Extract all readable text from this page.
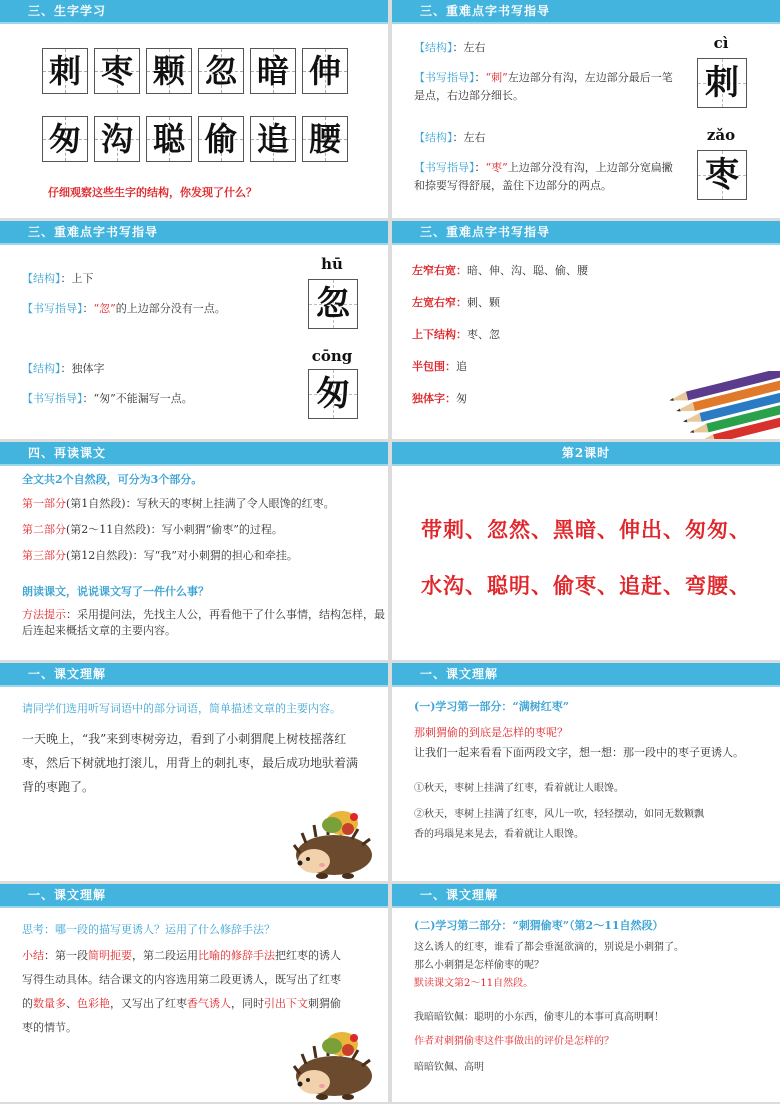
三、生字学习
刺 枣 颗 忽 暗 伸
匆 沟 聪 偷 追 腰
仔细观察这些生字的结构，你发现了什么？
三、重难点字书写指导
【结构】：左右
【书写指导】：“刺”左边部分有沟，左边部分最后一笔
是点，右边部分细长。
cì
刺
【结构】：左右
【书写指导】：“枣”上边部分没有沟，上边部分宽扁撇
和捺要写得舒展，盖住下边部分的两点。
zǎo
枣
三、重难点字书写指导
【结构】：上下
【书写指导】：“忽”的上边部分没有一点。
hū
忽
【结构】：独体字
【书写指导】：“匆”不能漏写一点。
cōng
匆
三、重难点字书写指导
左窄右宽：暗、伸、沟、聪、偷、腰
左宽右窄：刺、颗
上下结构：枣、忽
半包围：追
独体字：匆
四、再读课文
全文共2个自然段，可分为3个部分。
第一部分(第1自然段)：写秋天的枣树上挂满了令人眼馋的红枣。
第二部分(第2～11自然段)：写小刺猬“偷枣”的过程。
第三部分(第12自然段)：写“我”对小刺猬的担心和牵挂。
朗读课文，说说课文写了一件什么事？
方法提示：采用提问法，先找主人公，再看他干了什么事情，结构怎样，最
后连起来概括文章的主要内容。
第2课时
带刺、忽然、黑暗、伸出、匆匆、
水沟、聪明、偷枣、追赶、弯腰、
一、课文理解
请同学们选用听写词语中的部分词语，简单描述文章的主要内容。
一天晚上，“我”来到枣树旁边，看到了小刺猬爬上树枝摇落红
枣，然后下树就地打滚儿，用背上的刺扎枣，最后成功地驮着满
背的枣跑了。
一、课文理解
(一)学习第一部分：“满树红枣”
那刺猬偷的到底是怎样的枣呢？
让我们一起来看看下面两段文字，想一想：那一段中的枣子更诱人。
①秋天，枣树上挂满了红枣，看着就让人眼馋。
②秋天，枣树上挂满了红枣，风儿一吹，轻轻摆动，如同无数颗飘
香的玛瑙晃来晃去，看着就让人眼馋。
一、课文理解
思考：哪一段的描写更诱人？运用了什么修辞手法？
小结：第一段简明扼要，第二段运用比喻的修辞手法把红枣的诱人
写得生动具体。结合课文的内容选用第二段更诱人，既写出了红枣
的数量多、色彩艳，又写出了红枣香气诱人，同时引出下文刺猬偷
枣的情节。
一、课文理解
(二)学习第二部分：“刺猬偷枣”（第2～11自然段）
这么诱人的红枣，谁看了都会垂涎欲滴的，别说是小刺猬了。
那么小刺猬是怎样偷枣的呢？
默读课文第2～11自然段。
我暗暗钦佩：聪明的小东西，偷枣儿的本事可真高明啊！
作者对刺猬偷枣这件事做出的评价是怎样的？
暗暗钦佩、高明
